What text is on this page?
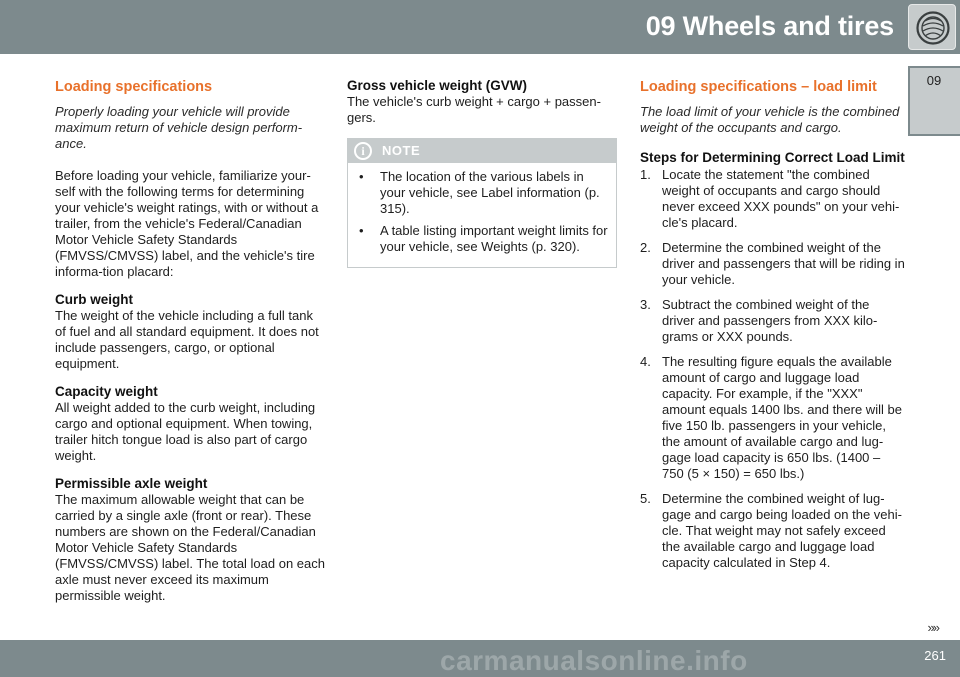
09 Wheels and tires
09
Loading specifications

Properly loading your vehicle will provide maximum return of vehicle design perform-ance.

Before loading your vehicle, familiarize your-self with the following terms for determining your vehicle's weight ratings, with or without a trailer, from the vehicle's Federal/Canadian Motor Vehicle Safety Standards (FMVSS/CMVSS) label, and the vehicle's tire informa-tion placard:

Curb weight

The weight of the vehicle including a full tank of fuel and all standard equipment. It does not include passengers, cargo, or optional equipment.

Capacity weight

All weight added to the curb weight, including cargo and optional equipment. When towing, trailer hitch tongue load is also part of cargo weight.

Permissible axle weight

The maximum allowable weight that can be carried by a single axle (front or rear). These numbers are shown on the Federal/Canadian Motor Vehicle Safety Standards (FMVSS/CMVSS) label. The total load on each axle must never exceed its maximum permissible weight.

Gross vehicle weight (GVW)

The vehicle's curb weight + cargo + passen-gers.

i	NOTE
• The location of the various labels in your vehicle, see Label information (p. 315).
• A table listing important weight limits for your vehicle, see Weights (p. 320).
Loading specifications – load limit

The load limit of your vehicle is the combined weight of the occupants and cargo.

Steps for Determining Correct Load Limit
1. Locate the statement "the combined weight of occupants and cargo should never exceed XXX pounds" on your vehi-cle's placard.
2. Determine the combined weight of the driver and passengers that will be riding in your vehicle.
3. Subtract the combined weight of the driver and passengers from XXX kilo-grams or XXX pounds.
4. The resulting figure equals the available amount of cargo and luggage load capacity. For example, if the "XXX" amount equals 1400 lbs. and there will be five 150 lb. passengers in your vehicle, the amount of available cargo and lug-gage load capacity is 650 lbs. (1400 – 750 (5 × 150) = 650 lbs.)
5. Determine the combined weight of lug-gage and cargo being loaded on the vehi-cle. That weight may not safely exceed the available cargo and luggage load capacity calculated in Step 4.
»»
carmanualsonline.info	261
